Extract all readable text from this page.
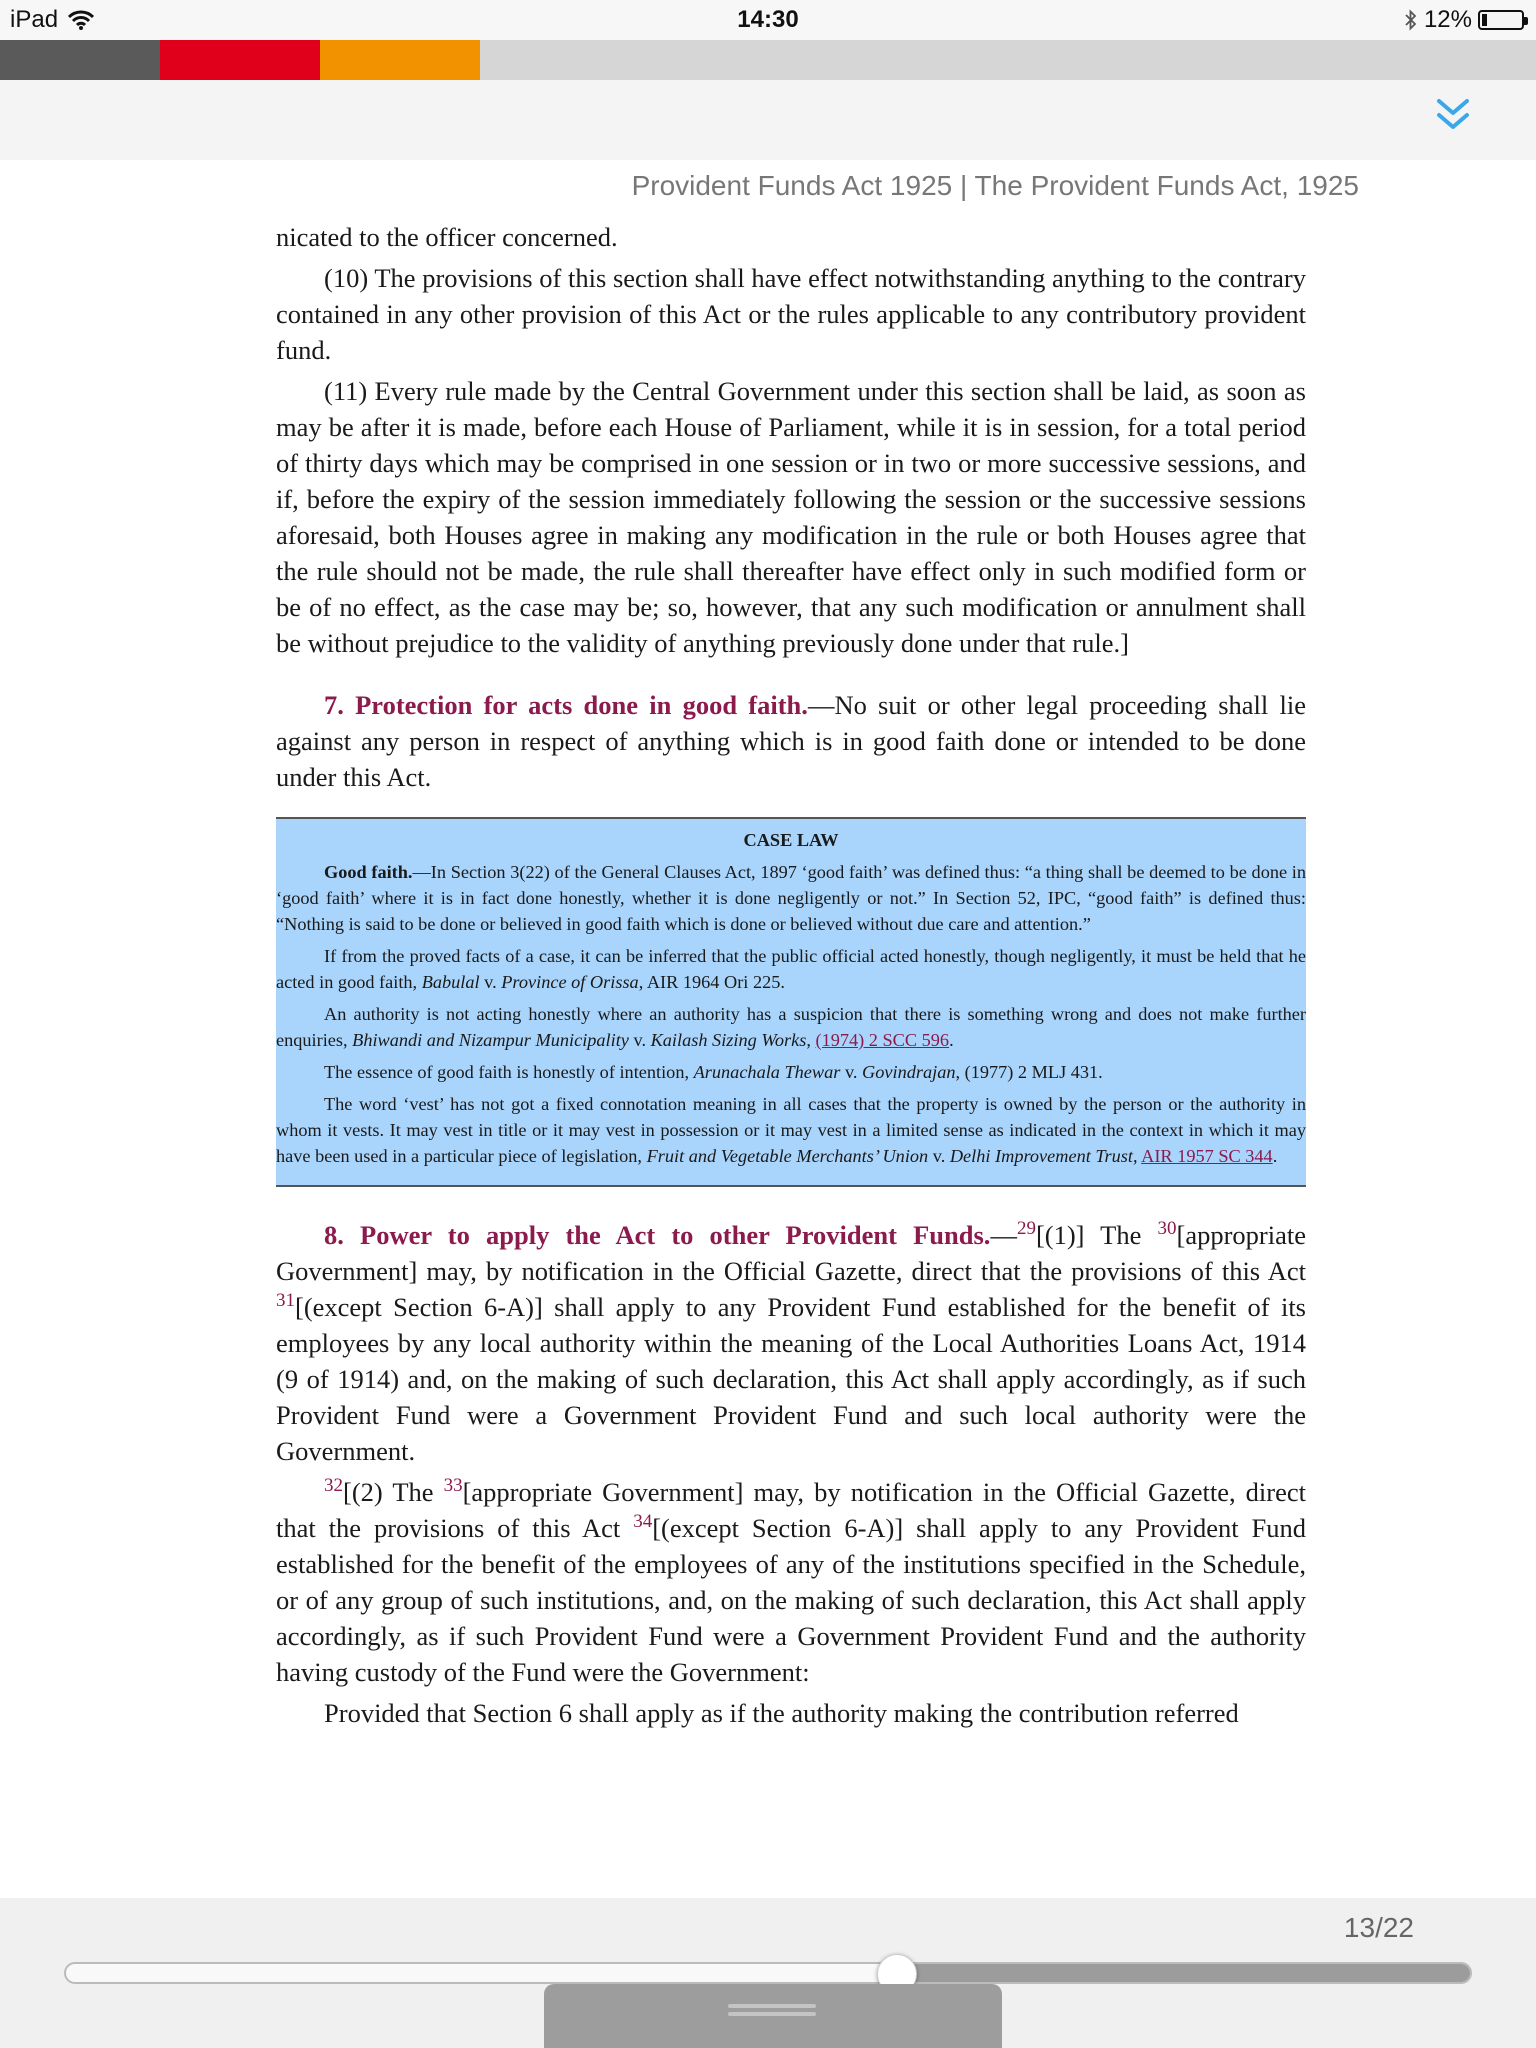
iPad	14:30	12%
Provident Funds Act 1925 | The Provident Funds Act, 1925

nicated to the officer concerned.

(10) The provisions of this section shall have effect notwithstanding anything to the contrary contained in any other provision of this Act or the rules applicable to any contributory provident fund.

(11) Every rule made by the Central Government under this section shall be laid, as soon as may be after it is made, before each House of Parliament, while it is in session, for a total period of thirty days which may be comprised in one session or in two or more successive sessions, and if, before the expiry of the session immediately following the session or the successive sessions aforesaid, both Houses agree in making any modification in the rule or both Houses agree that the rule should not be made, the rule shall thereafter have effect only in such modified form or be of no effect, as the case may be; so, however, that any such modification or annulment shall be without prejudice to the validity of anything previously done under that rule.]

7. Protection for acts done in good faith.—No suit or other legal proceeding shall lie against any person in respect of anything which is in good faith done or intended to be done under this Act.

CASE LAW

Good faith.—In Section 3(22) of the General Clauses Act, 1897 ‘good faith’ was defined thus: “a thing shall be deemed to be done in ‘good faith’ where it is in fact done honestly, whether it is done negligently or not.” In Section 52, IPC, “good faith” is defined thus: “Nothing is said to be done or believed in good faith which is done or believed without due care and attention.”

If from the proved facts of a case, it can be inferred that the public official acted honestly, though negligently, it must be held that he acted in good faith, Babulal v. Province of Orissa, AIR 1964 Ori 225.

An authority is not acting honestly where an authority has a suspicion that there is something wrong and does not make further enquiries, Bhiwandi and Nizampur Municipality v. Kailash Sizing Works, (1974) 2 SCC 596.

The essence of good faith is honestly of intention, Arunachala Thewar v. Govindrajan, (1977) 2 MLJ 431.

The word ‘vest’ has not got a fixed connotation meaning in all cases that the property is owned by the person or the authority in whom it vests. It may vest in title or it may vest in possession or it may vest in a limited sense as indicated in the context in which it may have been used in a particular piece of legislation, Fruit and Vegetable Merchants’ Union v. Delhi Improvement Trust, AIR 1957 SC 344.

8. Power to apply the Act to other Provident Funds.—$^{29}$[(1)] The $^{30}$[appropriate Government] may, by notification in the Official Gazette, direct that the provisions of this Act $^{31}$[(except Section 6-A)] shall apply to any Provident Fund established for the benefit of its employees by any local authority within the meaning of the Local Authorities Loans Act, 1914 (9 of 1914) and, on the making of such declaration, this Act shall apply accordingly, as if such Provident Fund were a Government Provident Fund and such local authority were the Government.

$^{32}$[(2) The $^{33}$[appropriate Government] may, by notification in the Official Gazette, direct that the provisions of this Act $^{34}$[(except Section 6-A)] shall apply to any Provident Fund established for the benefit of the employees of any of the institutions specified in the Schedule, or of any group of such institutions, and, on the making of such declaration, this Act shall apply accordingly, as if such Provident Fund were a Government Provident Fund and the authority having custody of the Fund were the Government:

Provided that Section 6 shall apply as if the authority making the contribution referred

13/22
